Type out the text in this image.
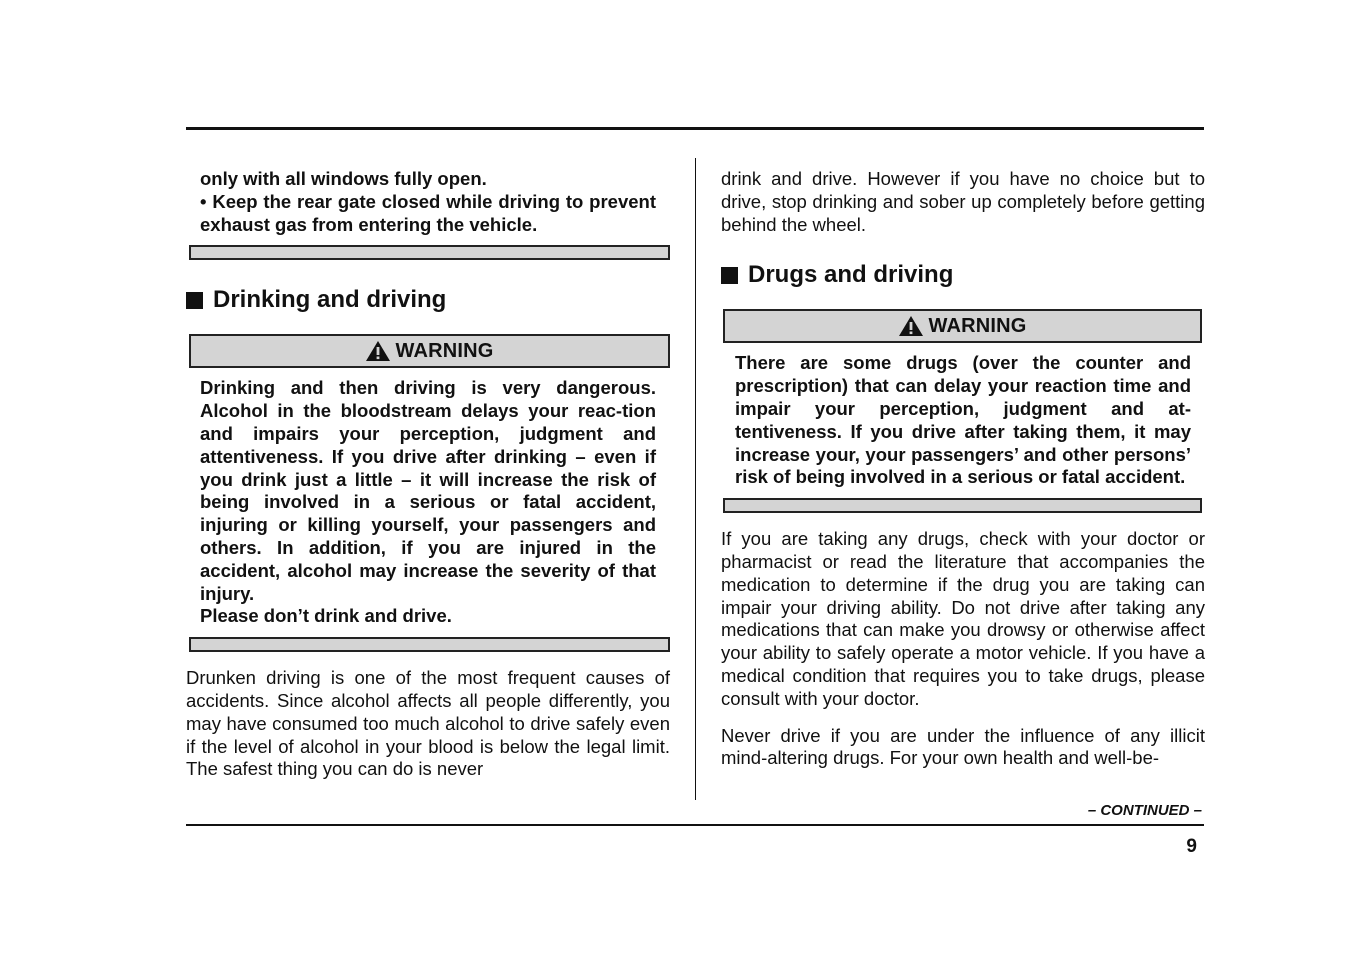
only with all windows fully open.

• Keep the rear gate closed while driving to prevent exhaust gas from entering the vehicle.

Drinking and driving
WARNING

Drinking and then driving is very dangerous. Alcohol in the bloodstream delays your reac-tion and impairs your perception, judgment and attentiveness. If you drive after drinking – even if you drink just a little – it will increase the risk of being involved in a serious or fatal accident, injuring or killing yourself, your passengers and others. In addition, if you are injured in the accident, alcohol may increase the severity of that injury.

Please don’t drink and drive.

Drunken driving is one of the most frequent causes of accidents. Since alcohol affects all people differently, you may have consumed too much alcohol to drive safely even if the level of alcohol in your blood is below the legal limit. The safest thing you can do is never

drink and drive. However if you have no choice but to drive, stop drinking and sober up completely before getting behind the wheel.

Drugs and driving
WARNING

There are some drugs (over the counter and prescription) that can delay your reaction time and impair your perception, judgment and at-tentiveness. If you drive after taking them, it may increase your, your passengers’ and other persons’ risk of being involved in a serious or fatal accident.

If you are taking any drugs, check with your doctor or pharmacist or read the literature that accompanies the medication to determine if the drug you are taking can impair your driving ability. Do not drive after taking any medications that can make you drowsy or otherwise affect your ability to safely operate a motor vehicle. If you have a medical condition that requires you to take drugs, please consult with your doctor.

Never drive if you are under the influence of any illicit mind-altering drugs. For your own health and well-be-

– CONTINUED –
9
